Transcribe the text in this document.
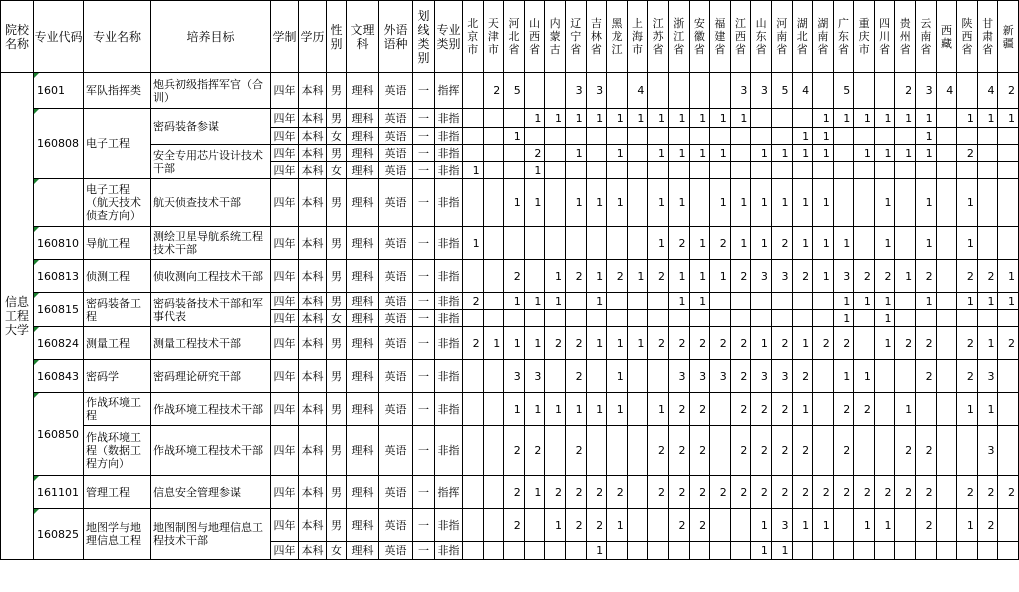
院校名称	专业代码	专业名称	培养目标	学制	学历	性别	文理科	外语语种	划线类别	专业类别	北京市	天津市	河北省	山西省	内蒙古	辽宁省	吉林省	黑龙江	上海市	江苏省	浙江省	安徽省	福建省	江西省	山东省	河南省	湖北省	湖南省	广东省	重庆市	四川省	贵州省	云南省	西藏	陕西省	甘肃省	新疆	
信息工程大学	1601	军队指挥类	炮兵初级指挥军官（合训）	四年	本科	男	理科	英语	一	指挥		2	5			3	3		4					3	3	5	4		5			2	3	4		4	2	
	160808	电子工程	密码装备参谋	四年	本科	男	理科	英语	一	非指				1	1	1	1	1	1	1	1	1	1	1				1	1	1	1	1	1		1	1	1	
				四年	本科	女	理科	英语	一	非指			1														1	1					1					
			安全专用芯片设计技术干部	四年	本科	男	理科	英语	一	非指				2		1		1		1	1	1	1		1	1	1	1		1	1	1	1		2			
				四年	本科	女	理科	英语	一	非指	1			1																								
		电子工程（航天技术侦查方向）	航天侦查技术干部	四年	本科	男	理科	英语	一	非指			1	1		1	1	1		1	1		1	1	1	1	1	1			1		1		1			
	160810	导航工程	测绘卫星导航系统工程技术干部	四年	本科	男	理科	英语	一	非指	1									1	2	1	2	1	1	2	1	1	1		1		1		1			
	160813	侦测工程	侦收测向工程技术干部	四年	本科	男	理科	英语	一	非指			2		1	2	1	2	1	2	1	1	1	2	3	3	2	1	3	2	2	1	2		2	2	1	
	160815	密码装备工程	密码装备技术干部和军事代表	四年	本科	男	理科	英语	一	非指	2		1	1	1		1				1	1							1	1	1		1		1	1	1	
				四年	本科	女	理科	英语	一	非指																			1		1							
	160824	测量工程	测量工程技术干部	四年	本科	男	理科	英语	一	非指	2	1	1	1	2	2	1	1	1	2	2	2	2	2	1	2	1	2	2		1	2	2		2	1	2	
	160843	密码学	密码理论研究干部	四年	本科	男	理科	英语	一	非指			3	3		2		1			3	3	3	2	3	3	2		1	1			2		2	3		
	160850	作战环境工程	作战环境工程技术干部	四年	本科	男	理科	英语	一	非指			1	1	1	1	1	1		1	2	2		2	2	2	1		2	2		1			1	1		
		作战环境工程（数据工程方向）	作战环境工程技术干部	四年	本科	男	理科	英语	一	非指			2	2		2				2	2	2		2	2	2	2		2			2	2			3		
	161101	管理工程	信息安全管理参谋	四年	本科	男	理科	英语	一	指挥			2	1	2	2	2	2		2	2	2	2	2	2	2	2	2	2	2	2	2	2		2	2	2	
	160825	地图学与地理信息工程	地图制图与地理信息工程技术干部	四年	本科	男	理科	英语	一	非指			2		1	2	2	1			2	2			1	3	1	1		1	1		2		1	2		
				四年	本科	女	理科	英语	一	非指							1								1	1												
